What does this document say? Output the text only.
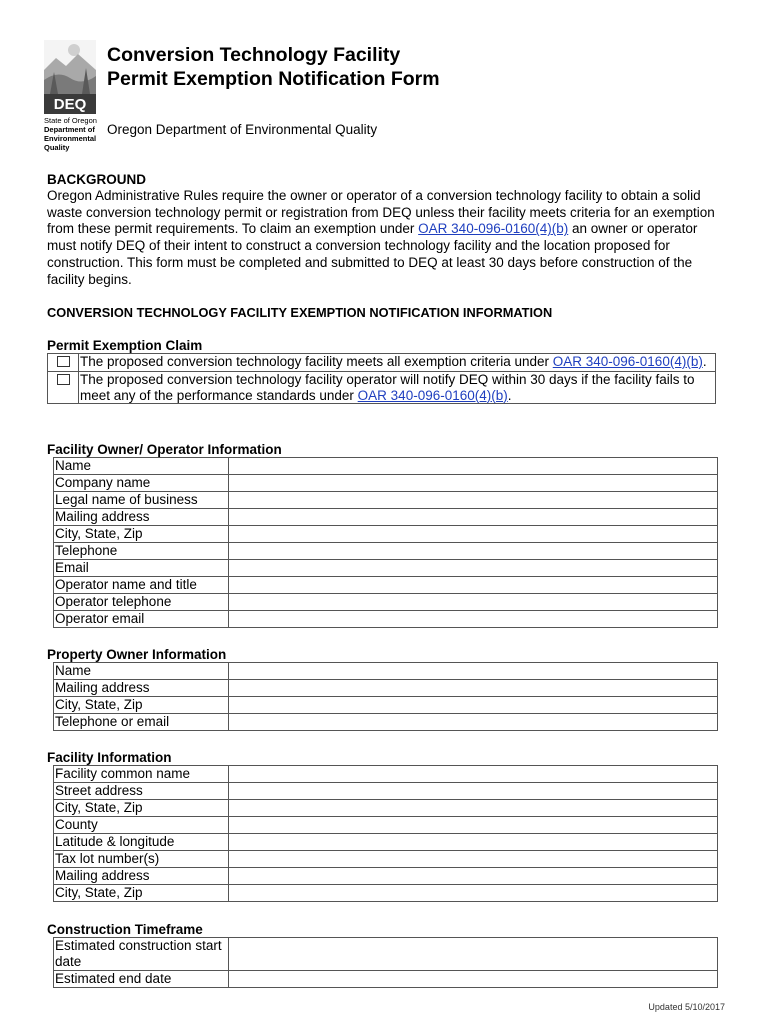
DEQ
State of Oregon
Department of
Environmental
Quality
Conversion Technology Facility
Permit Exemption Notification Form
Oregon Department of Environmental Quality
BACKGROUND
Oregon Administrative Rules require the owner or operator of a conversion technology facility to obtain a solid waste conversion technology permit or registration from DEQ unless their facility meets criteria for an exemption from these permit requirements. To claim an exemption under OAR 340-096-0160(4)(b) an owner or operator must notify DEQ of their intent to construct a conversion technology facility and the location proposed for construction. This form must be completed and submitted to DEQ at least 30 days before construction of the facility begins.
CONVERSION TECHNOLOGY FACILITY EXEMPTION NOTIFICATION INFORMATION
Permit Exemption Claim
	The proposed conversion technology facility meets all exemption criteria under OAR 340-096-0160(4)(b).
	The proposed conversion technology facility operator will notify DEQ within 30 days if the facility fails to meet any of the performance standards under OAR 340-096-0160(4)(b).
Facility Owner/ Operator Information
Name	
Company name	
Legal name of business	
Mailing address	
City, State, Zip	
Telephone	
Email	
Operator name and title	
Operator telephone	
Operator email	
Property Owner Information
Name	
Mailing address	
City, State, Zip	
Telephone or email	
Facility Information
Facility common name	
Street address	
City, State, Zip	
County	
Latitude & longitude	
Tax lot number(s)	
Mailing address	
City, State, Zip	
Construction Timeframe
Estimated construction start date	
Estimated end date	
Updated 5/10/2017
